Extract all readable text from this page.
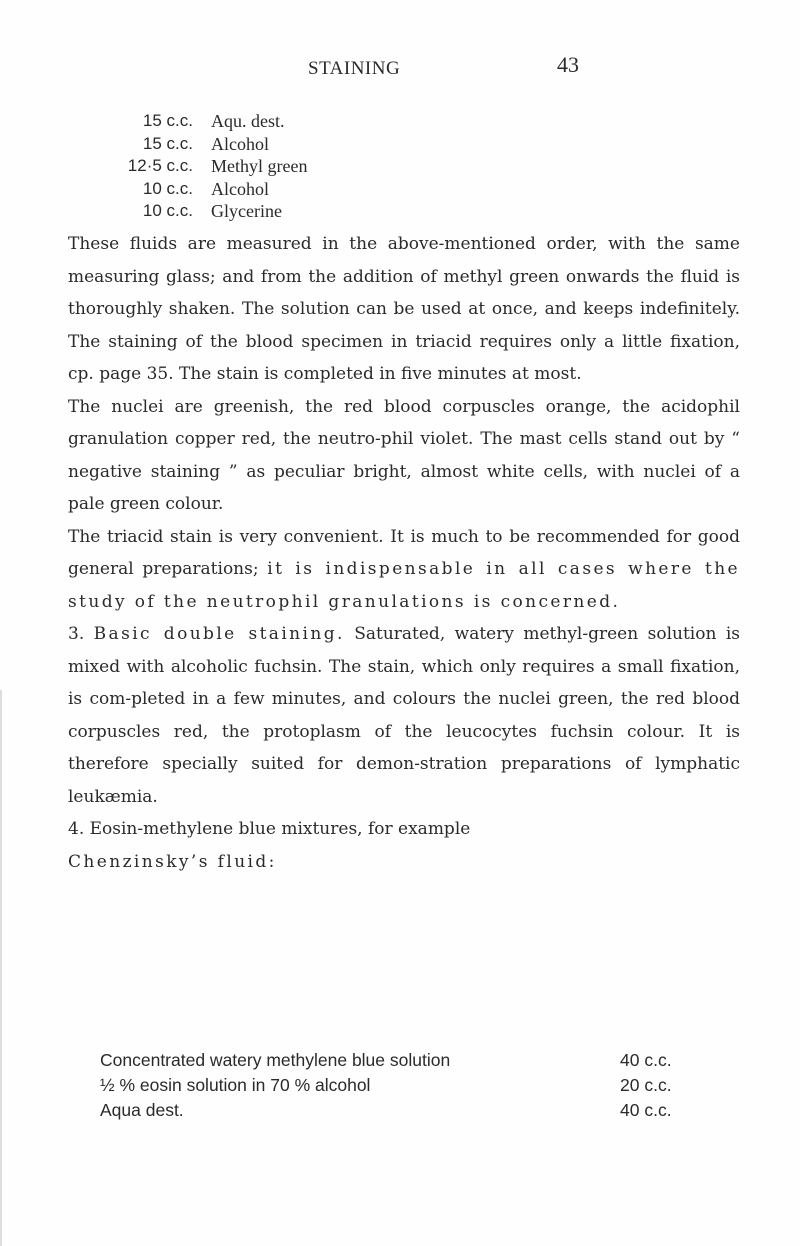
STAINING	43
15 c.c. Aqu. dest.
15 c.c. Alcohol
12·5 c.c. Methyl green
10 c.c. Alcohol
10 c.c. Glycerine

These fluids are measured in the above-mentioned order, with the same measuring glass; and from the addition of methyl green onwards the fluid is thoroughly shaken. The solution can be used at once, and keeps indefinitely. The staining of the blood specimen in triacid requires only a little fixation, cp. page 35. The stain is completed in five minutes at most.

The nuclei are greenish, the red blood corpuscles orange, the acidophil granulation copper red, the neutro-phil violet. The mast cells stand out by “ negative staining ” as peculiar bright, almost white cells, with nuclei of a pale green colour.

The triacid stain is very convenient. It is much to be recommended for good general preparations; it is indispensable in all cases where the study of the neutrophil granulations is concerned.

3. Basic double staining. Saturated, watery methyl-green solution is mixed with alcoholic fuchsin. The stain, which only requires a small fixation, is com-pleted in a few minutes, and colours the nuclei green, the red blood corpuscles red, the protoplasm of the leucocytes fuchsin colour. It is therefore specially suited for demon-stration preparations of lymphatic leukæmia.

4. Eosin-methylene blue mixtures, for example
Chenzinsky’s fluid:

Concentrated watery methylene blue solution	40 c.c.
½ % eosin solution in 70 % alcohol	20 c.c.
Aqua dest.	40 c.c.
